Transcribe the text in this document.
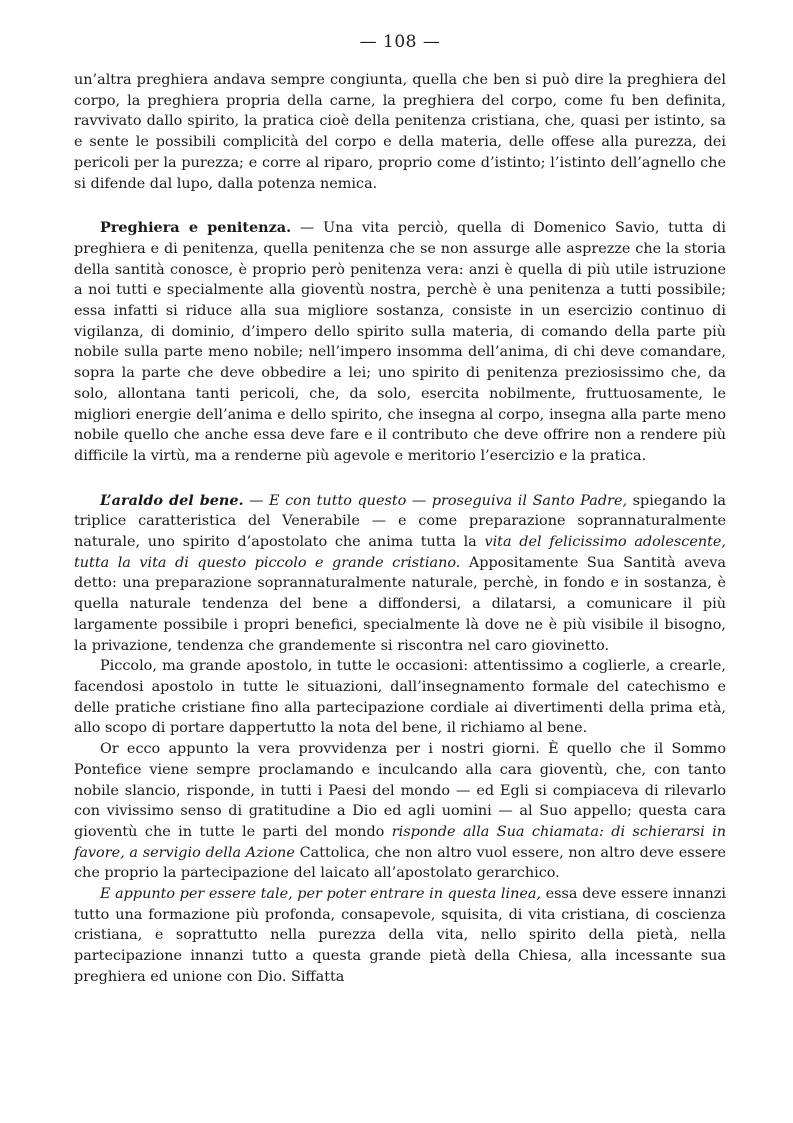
— 108 —

un’altra preghiera andava sempre congiunta, quella che ben si può dire la preghiera del corpo, la preghiera propria della carne, la preghiera del corpo, come fu ben definita, ravvivato dallo spirito, la pratica cioè della penitenza cristiana, che, quasi per istinto, sa e sente le possibili complicità del corpo e della materia, delle offese alla purezza, dei pericoli per la purezza; e corre al riparo, proprio come d’istinto; l’istinto dell’agnello che si difende dal lupo, dalla potenza nemica.

Preghiera e penitenza. — Una vita perciò, quella di Domenico Savio, tutta di preghiera e di penitenza, quella penitenza che se non assurge alle asprezze che la storia della santità conosce, è proprio però penitenza vera: anzi è quella di più utile istruzione a noi tutti e specialmente alla gioventù nostra, perchè è una penitenza a tutti possibile; essa infatti si riduce alla sua migliore sostanza, consiste in un esercizio continuo di vigilanza, di dominio, d’impero dello spirito sulla materia, di comando della parte più nobile sulla parte meno nobile; nell’impero insomma dell’anima, di chi deve comandare, sopra la parte che deve obbedire a lei; uno spirito di penitenza preziosissimo che, da solo, allontana tanti pericoli, che, da solo, esercita nobilmente, fruttuosamente, le migliori energie dell’anima e dello spirito, che insegna al corpo, insegna alla parte meno nobile quello che anche essa deve fare e il contributo che deve offrire non a rendere più difficile la virtù, ma a renderne più agevole e meritorio l’esercizio e la pratica.

L’araldo del bene. — E con tutto questo — proseguiva il Santo Padre, spiegando la triplice caratteristica del Venerabile — e come preparazione soprannaturalmente naturale, uno spirito d’apostolato che anima tutta la vita del felicissimo adolescente, tutta la vita di questo piccolo e grande cristiano. Appositamente Sua Santità aveva detto: una preparazione soprannaturalmente naturale, perchè, in fondo e in sostanza, è quella naturale tendenza del bene a diffondersi, a dilatarsi, a comunicare il più largamente possibile i propri benefici, specialmente là dove ne è più visibile il bisogno, la privazione, tendenza che grandemente si riscontra nel caro giovinetto.

Piccolo, ma grande apostolo, in tutte le occasioni: attentissimo a coglierle, a crearle, facendosi apostolo in tutte le situazioni, dall’insegnamento formale del catechismo e delle pratiche cristiane fino alla partecipazione cordiale ai divertimenti della prima età, allo scopo di portare dappertutto la nota del bene, il richiamo al bene.

Or ecco appunto la vera provvidenza per i nostri giorni. È quello che il Sommo Pontefice viene sempre proclamando e inculcando alla cara gioventù, che, con tanto nobile slancio, risponde, in tutti i Paesi del mondo — ed Egli si compiaceva di rilevarlo con vivissimo senso di gratitudine a Dio ed agli uomini — al Suo appello; questa cara gioventù che in tutte le parti del mondo risponde alla Sua chiamata: di schierarsi in favore, a servigio della Azione Cattolica, che non altro vuol essere, non altro deve essere che proprio la partecipazione del laicato all’apostolato gerarchico.

E appunto per essere tale, per poter entrare in questa linea, essa deve essere innanzi tutto una formazione più profonda, consapevole, squisita, di vita cristiana, di coscienza cristiana, e soprattutto nella purezza della vita, nello spirito della pietà, nella partecipazione innanzi tutto a questa grande pietà della Chiesa, alla incessante sua preghiera ed unione con Dio. Siffatta
